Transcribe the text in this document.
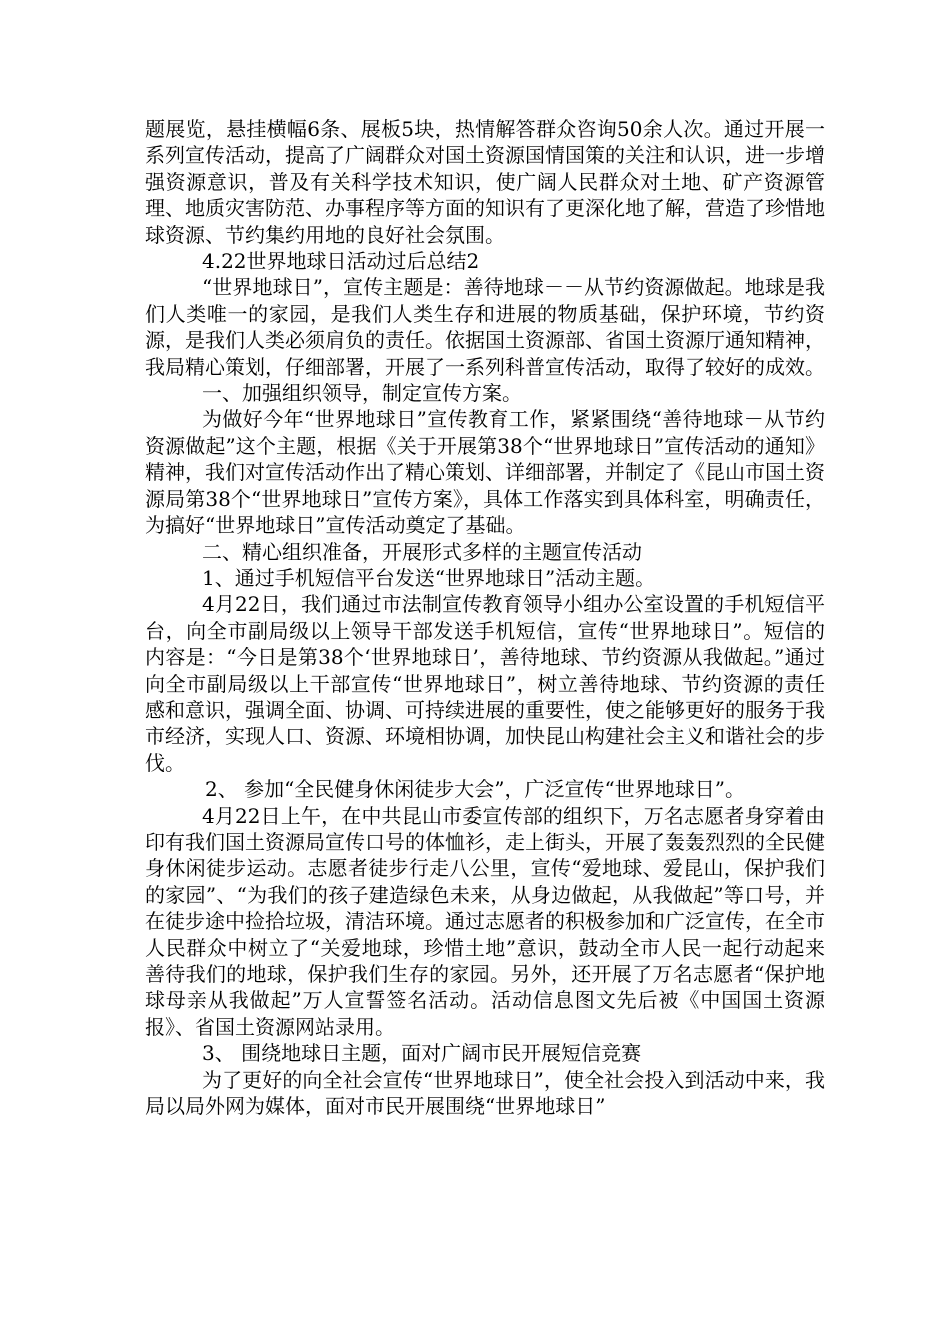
题展览，悬挂横幅6条、展板5块，热情解答群众咨询50余人次。通过开展一系列宣传活动，提高了广阔群众对国土资源国情国策的关注和认识，进一步增强资源意识，普及有关科学技术知识，使广阔人民群众对土地、矿产资源管理、地质灾害防范、办事程序等方面的知识有了更深化地了解，营造了珍惜地球资源、节约集约用地的良好社会氛围。

4.22世界地球日活动过后总结2

“世界地球日”，宣传主题是：善待地球－－从节约资源做起。地球是我们人类唯一的家园，是我们人类生存和进展的物质基础，保护环境，节约资源，是我们人类必须肩负的责任。依据国土资源部、省国土资源厅通知精神，我局精心策划，仔细部署，开展了一系列科普宣传活动，取得了较好的成效。

一、加强组织领导，制定宣传方案。

为做好今年“世界地球日”宣传教育工作，紧紧围绕“善待地球－从节约资源做起”这个主题，根据《关于开展第38个“世界地球日”宣传活动的通知》精神，我们对宣传活动作出了精心策划、详细部署，并制定了《昆山市国土资源局第38个“世界地球日”宣传方案》，具体工作落实到具体科室，明确责任，为搞好“世界地球日”宣传活动奠定了基础。

二、精心组织准备，开展形式多样的主题宣传活动

1、通过手机短信平台发送“世界地球日”活动主题。

4月22日，我们通过市法制宣传教育领导小组办公室设置的手机短信平台，向全市副局级以上领导干部发送手机短信，宣传“世界地球日”。短信的内容是：“今日是第38个‘世界地球日’，善待地球、节约资源从我做起。”通过向全市副局级以上干部宣传“世界地球日”，树立善待地球、节约资源的责任感和意识，强调全面、协调、可持续进展的重要性，使之能够更好的服务于我市经济，实现人口、资源、环境相协调，加快昆山构建社会主义和谐社会的步伐。

2、 参加“全民健身休闲徒步大会”，广泛宣传“世界地球日”。

4月22日上午，在中共昆山市委宣传部的组织下，万名志愿者身穿着由印有我们国土资源局宣传口号的体恤衫，走上街头，开展了轰轰烈烈的全民健身休闲徒步运动。志愿者徒步行走八公里，宣传“爱地球、爱昆山，保护我们的家园”、“为我们的孩子建造绿色未来，从身边做起，从我做起”等口号，并在徒步途中捡拾垃圾，清洁环境。通过志愿者的积极参加和广泛宣传，在全市人民群众中树立了“关爱地球，珍惜土地”意识，鼓动全市人民一起行动起来善待我们的地球，保护我们生存的家园。另外，还开展了万名志愿者“保护地球母亲从我做起”万人宣誓签名活动。活动信息图文先后被《中国国土资源报》、省国土资源网站录用。

3、 围绕地球日主题，面对广阔市民开展短信竞赛

为了更好的向全社会宣传“世界地球日”，使全社会投入到活动中来，我局以局外网为媒体，面对市民开展围绕“世界地球日”
